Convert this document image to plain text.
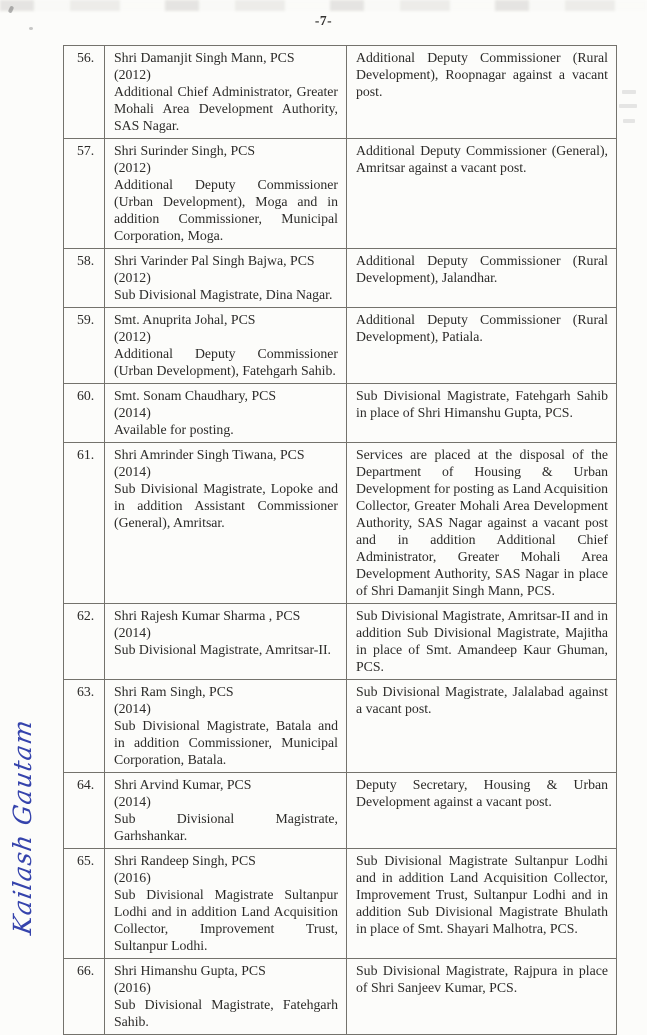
-7-
56.	Shri Damanjit Singh Mann, PCS
(2012)
Additional Chief Administrator, Greater Mohali Area Development Authority, SAS Nagar.	Additional Deputy Commissioner (Rural Development), Roopnagar against a vacant post.
57.	Shri Surinder Singh, PCS
(2012)
Additional Deputy Commissioner (Urban Development), Moga and in addition Commissioner, Municipal Corporation, Moga.	Additional Deputy Commissioner (General), Amritsar against a vacant post.
58.	Shri Varinder Pal Singh Bajwa, PCS
(2012)
Sub Divisional Magistrate, Dina Nagar.	Additional Deputy Commissioner (Rural Development), Jalandhar.
59.	Smt. Anuprita Johal, PCS
(2012)
Additional Deputy Commissioner (Urban Development), Fatehgarh Sahib.	Additional Deputy Commissioner (Rural Development), Patiala.
60.	Smt. Sonam Chaudhary, PCS
(2014)
Available for posting.	Sub Divisional Magistrate, Fatehgarh Sahib in place of Shri Himanshu Gupta, PCS.
61.	Shri Amrinder Singh Tiwana, PCS
(2014)
Sub Divisional Magistrate, Lopoke and in addition Assistant Commissioner (General), Amritsar.
	Services are placed at the disposal of the Department of Housing & Urban Development for posting as Land Acquisition Collector, Greater Mohali Area Development Authority, SAS Nagar against a vacant post and in addition Additional Chief Administrator, Greater Mohali Area Development Authority, SAS Nagar in place of Shri Damanjit Singh Mann, PCS.
62.	Shri Rajesh Kumar Sharma , PCS
(2014)
Sub Divisional Magistrate, Amritsar-II.	Sub Divisional Magistrate, Amritsar-II and in addition Sub Divisional Magistrate, Majitha in place of Smt. Amandeep Kaur Ghuman, PCS.
63.	Shri Ram Singh, PCS
(2014)
Sub Divisional Magistrate, Batala and in addition Commissioner, Municipal Corporation, Batala.	Sub Divisional Magistrate, Jalalabad against a vacant post.
64.	Shri Arvind Kumar, PCS
(2014)
Sub Divisional Magistrate, Garhshankar.	Deputy Secretary, Housing & Urban Development against a vacant post.
65.	Shri Randeep Singh, PCS
(2016)
Sub Divisional Magistrate Sultanpur Lodhi and in addition Land Acquisition Collector, Improvement Trust, Sultanpur Lodhi.
	Sub Divisional Magistrate Sultanpur Lodhi and in addition Land Acquisition Collector, Improvement Trust, Sultanpur Lodhi and in addition Sub Divisional Magistrate Bhulath in place of Smt. Shayari Malhotra, PCS.
66.	Shri Himanshu Gupta, PCS
(2016)
Sub Divisional Magistrate, Fatehgarh Sahib.	Sub Divisional Magistrate, Rajpura in place of Shri Sanjeev Kumar, PCS.
Kailash Gautam
